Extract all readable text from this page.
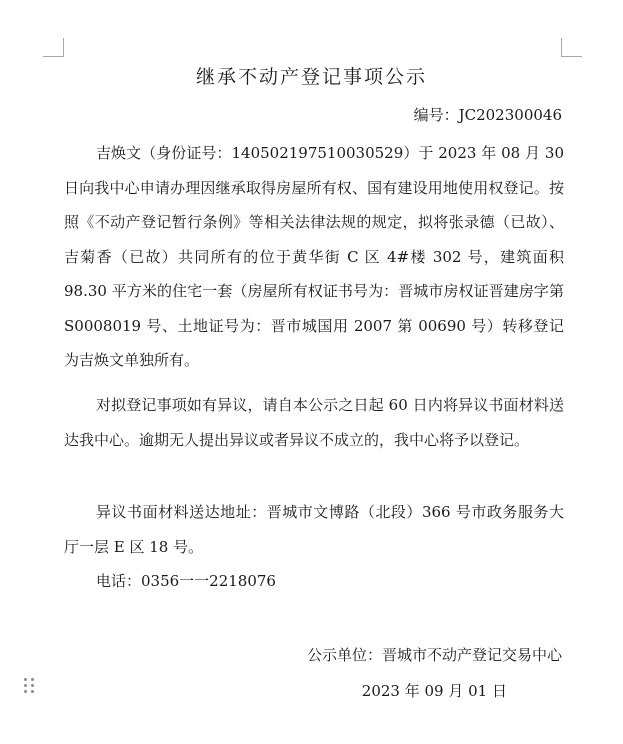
继承不动产登记事项公示
编号：JC202300046

吉焕文（身份证号：140502197510030529）于 2023 年 08 月 30 日向我中心申请办理因继承取得房屋所有权、国有建设用地使用权登记。按照《不动产登记暂行条例》等相关法律法规的规定，拟将张录德（已故）、吉菊香（已故）共同所有的位于黄华街 C 区 4#楼 302 号，建筑面积 98.30 平方米的住宅一套（房屋所有权证书号为：晋城市房权证晋建房字第 S0008019 号、土地证号为：晋市城国用 2007 第 00690 号）转移登记为吉焕文单独所有。

对拟登记事项如有异议，请自本公示之日起 60 日内将异议书面材料送达我中心。逾期无人提出异议或者异议不成立的，我中心将予以登记。

异议书面材料送达地址：晋城市文博路（北段）366 号市政务服务大厅一层 E 区 18 号。

电话：0356一一2218076
公示单位：晋城市不动产登记交易中心
2023 年 09 月 01 日
